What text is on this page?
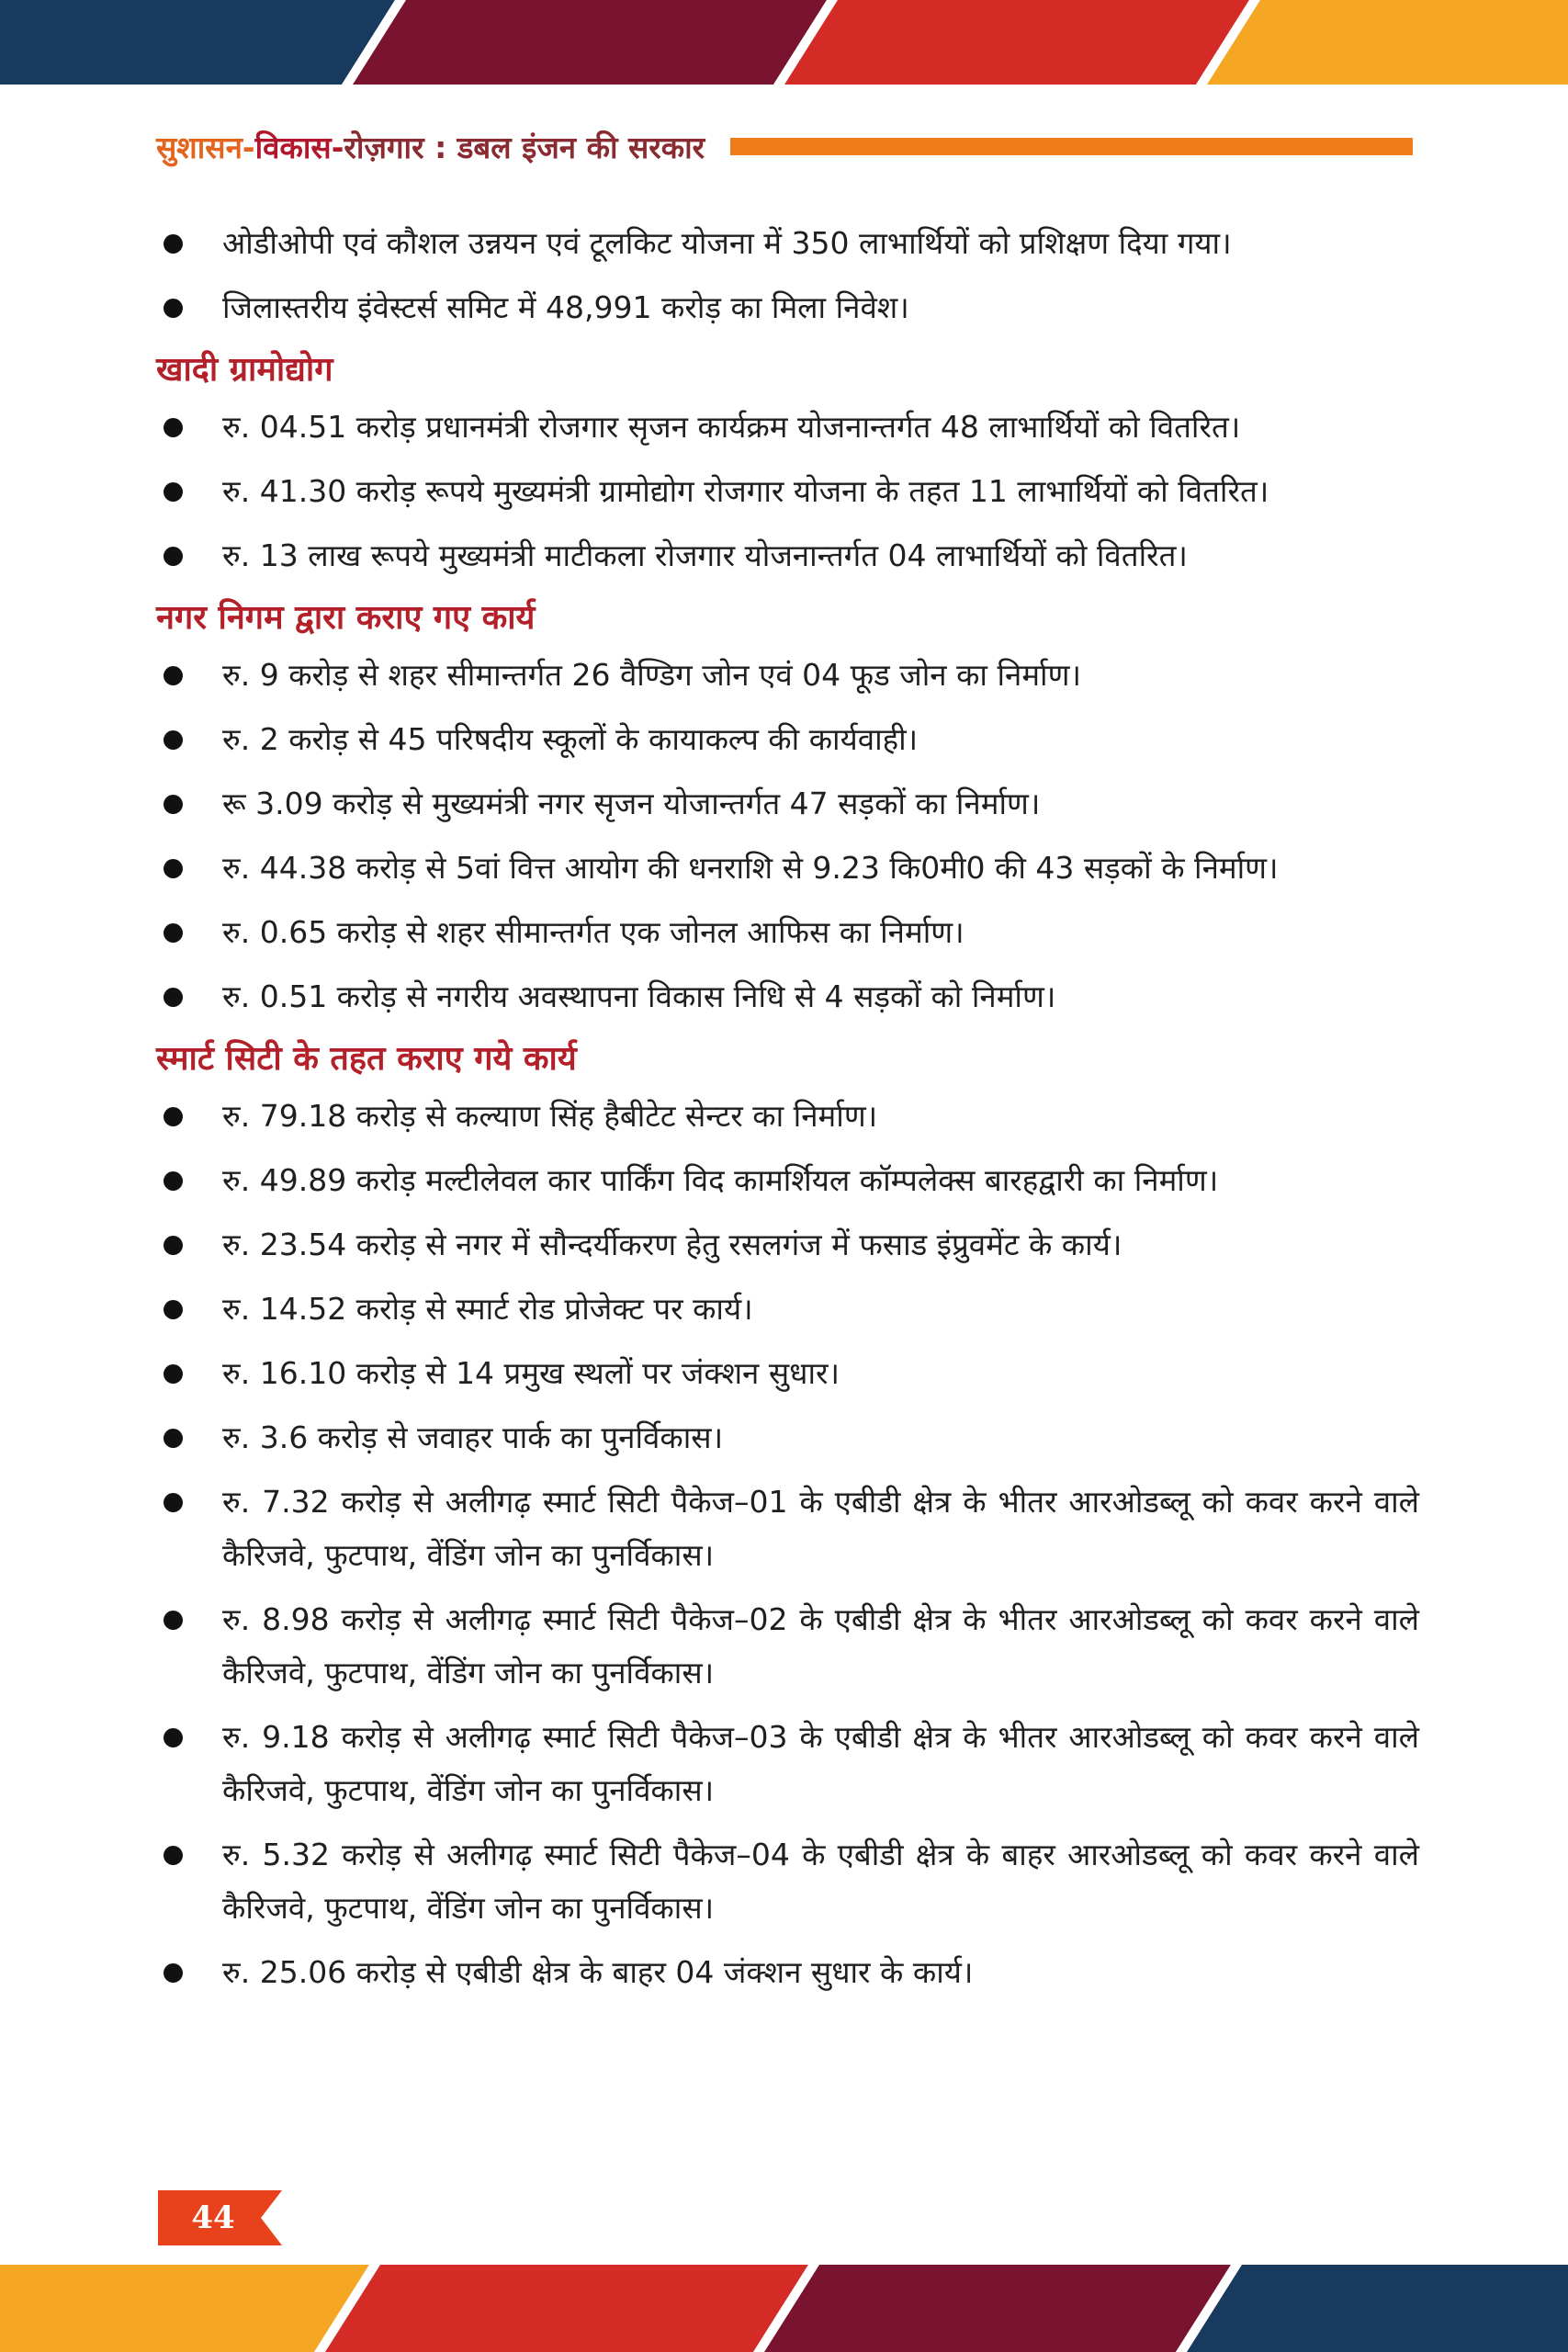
सुशासन-विकास-रोज़गार : डबल इंजन की सरकार
ओडीओपी एवं कौशल उन्नयन एवं टूलकिट योजना में 350 लाभार्थियों को प्रशिक्षण दिया गया।
जिलास्तरीय इंवेस्टर्स समिट में 48,991 करोड़ का मिला निवेश।
खादी ग्रामोद्योग
रु. 04.51 करोड़ प्रधानमंत्री रोजगार सृजन कार्यक्रम योजनान्तर्गत 48 लाभार्थियों को वितरित।
रु. 41.30 करोड़ रूपये मुख्यमंत्री ग्रामोद्योग रोजगार योजना के तहत 11 लाभार्थियों को वितरित।
रु. 13 लाख रूपये मुख्यमंत्री माटीकला रोजगार योजनान्तर्गत 04 लाभार्थियों को वितरित।
नगर निगम द्वारा कराए गए कार्य
रु. 9 करोड़ से शहर सीमान्तर्गत 26 वैण्डिग जोन एवं 04 फूड जोन का निर्माण।
रु. 2 करोड़ से 45 परिषदीय स्कूलों के कायाकल्प की कार्यवाही।
रू 3.09 करोड़ से मुख्यमंत्री नगर सृजन योजान्तर्गत 47 सड़कों का निर्माण।
रु. 44.38 करोड़ से 5वां वित्त आयोग की धनराशि से 9.23 कि0मी0 की 43 सड़कों के निर्माण।
रु. 0.65 करोड़ से शहर सीमान्तर्गत एक जोनल आफिस का निर्माण।
रु. 0.51 करोड़ से नगरीय अवस्थापना विकास निधि से 4 सड़कों को निर्माण।
स्मार्ट सिटी के तहत कराए गये कार्य
रु. 79.18 करोड़ से कल्याण सिंह हैबीटेट सेन्टर का निर्माण।
रु. 49.89 करोड़ मल्टीलेवल कार पार्किंग विद कामर्शियल कॉम्पलेक्स बारहद्वारी का निर्माण।
रु. 23.54 करोड़ से नगर में सौन्दर्यीकरण हेतु रसलगंज में फसाड इंप्रुवमेंट के कार्य।
रु. 14.52 करोड़ से स्मार्ट रोड प्रोजेक्ट पर कार्य।
रु. 16.10 करोड़ से 14 प्रमुख स्थलों पर जंक्शन सुधार।
रु. 3.6 करोड़ से जवाहर पार्क का पुनर्विकास।
रु. 7.32 करोड़ से अलीगढ़ स्मार्ट सिटी पैकेज–01 के एबीडी क्षेत्र के भीतर आरओडब्लू को कवर करने वाले कैरिजवे, फुटपाथ, वेंडिंग जोन का पुनर्विकास।
रु. 8.98 करोड़ से अलीगढ़ स्मार्ट सिटी पैकेज–02 के एबीडी क्षेत्र के भीतर आरओडब्लू को कवर करने वाले कैरिजवे, फुटपाथ, वेंडिंग जोन का पुनर्विकास।
रु. 9.18 करोड़ से अलीगढ़ स्मार्ट सिटी पैकेज–03 के एबीडी क्षेत्र के भीतर आरओडब्लू को कवर करने वाले कैरिजवे, फुटपाथ, वेंडिंग जोन का पुनर्विकास।
रु. 5.32 करोड़ से अलीगढ़ स्मार्ट सिटी पैकेज–04 के एबीडी क्षेत्र के बाहर आरओडब्लू को कवर करने वाले कैरिजवे, फुटपाथ, वेंडिंग जोन का पुनर्विकास।
रु. 25.06 करोड़ से एबीडी क्षेत्र के बाहर 04 जंक्शन सुधार के कार्य।
44
